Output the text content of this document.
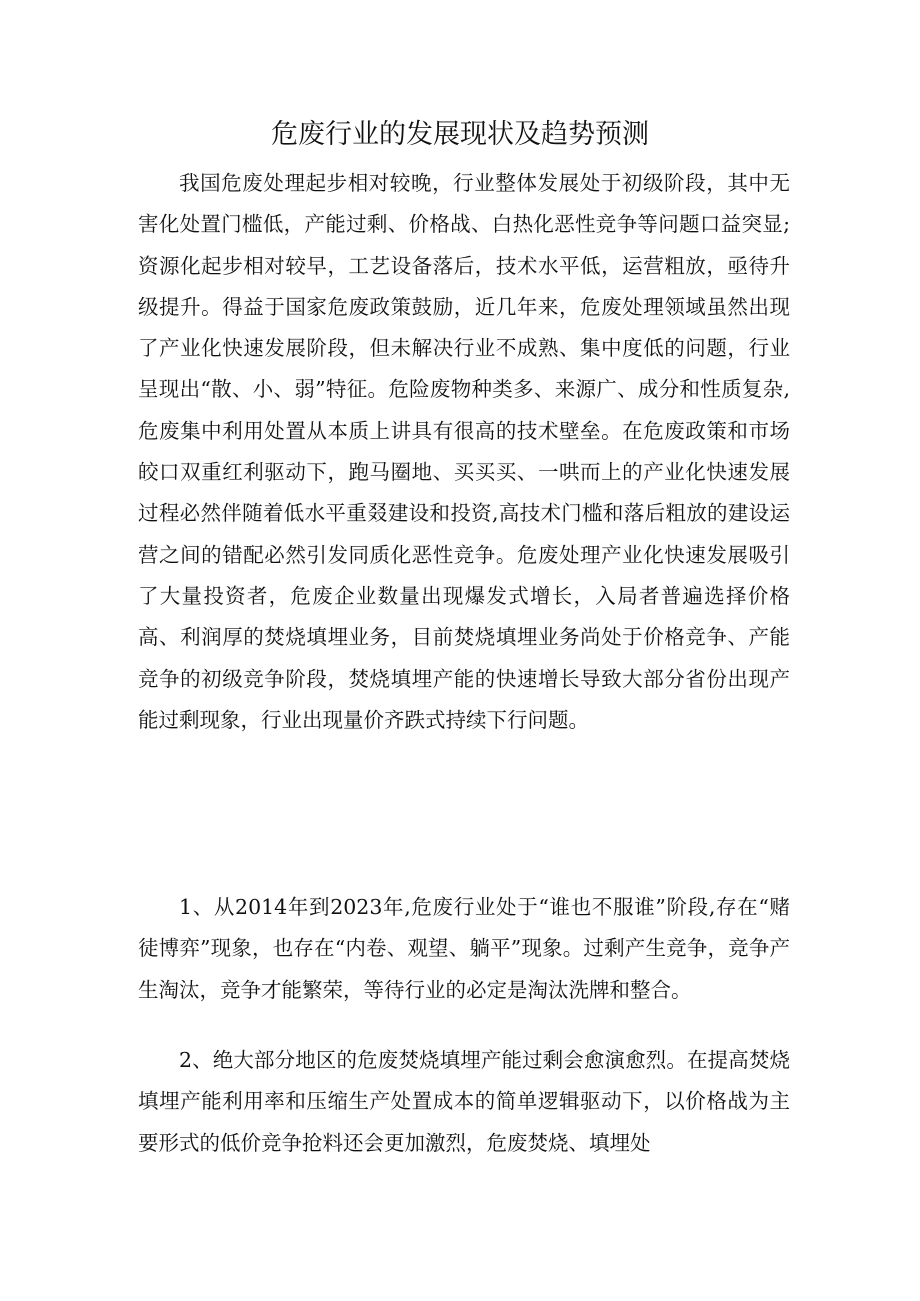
危废行业的发展现状及趋势预测

我国危废处理起步相对较晚，行业整体发展处于初级阶段，其中无害化处置门槛低，产能过剩、价格战、白热化恶性竞争等问题口益突显;资源化起步相对较早，工艺设备落后，技术水平低，运营粗放，亟待升级提升。得益于国家危废政策鼓励，近几年来，危废处理领域虽然出现了产业化快速发展阶段，但未解决行业不成熟、集中度低的问题，行业呈现出“散、小、弱”特征。危险废物种类多、来源广、成分和性质复杂,危废集中利用处置从本质上讲具有很高的技术壁垒。在危废政策和市场皎口双重红利驱动下，跑马圈地、买买买、一哄而上的产业化快速发展过程必然伴随着低水平重叕建设和投资,高技术门槛和落后粗放的建设运营之间的错配必然引发同质化恶性竞争。危废处理产业化快速发展吸引了大量投资者，危废企业数量出现爆发式增长，入局者普遍选择价格高、利润厚的焚烧填埋业务，目前焚烧填埋业务尚处于价格竞争、产能竞争的初级竞争阶段，焚烧填埋产能的快速增长导致大部分省份出现产能过剩现象，行业出现量价齐跌式持续下行问题。

1、从2014年到2023年,危废行业处于“谁也不服谁”阶段,存在“赌徒博弈”现象，也存在“内卷、观望、躺平”现象。过剩产生竞争，竞争产生淘汰，竞争才能繁荣，等待行业的必定是淘汰洗牌和整合。

2、绝大部分地区的危废焚烧填埋产能过剩会愈演愈烈。在提高焚烧填埋产能利用率和压缩生产处置成本的简单逻辑驱动下，以价格战为主要形式的低价竞争抢料还会更加激烈，危废焚烧、填埋处
